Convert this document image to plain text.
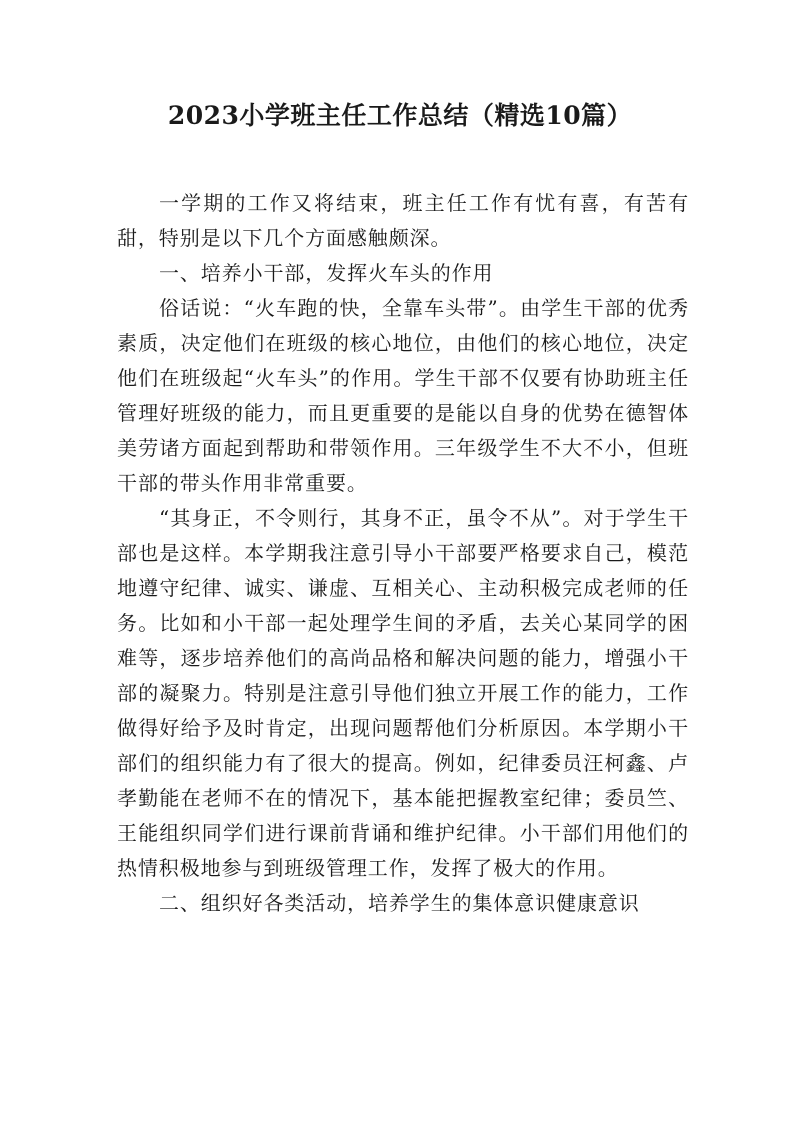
2023小学班主任工作总结（精选10篇）

一学期的工作又将结束，班主任工作有忧有喜，有苦有甜，特别是以下几个方面感触颇深。

一、培养小干部，发挥火车头的作用

俗话说：“火车跑的快，全靠车头带”。由学生干部的优秀素质，决定他们在班级的核心地位，由他们的核心地位，决定他们在班级起“火车头”的作用。学生干部不仅要有协助班主任管理好班级的能力，而且更重要的是能以自身的优势在德智体美劳诸方面起到帮助和带领作用。三年级学生不大不小，但班干部的带头作用非常重要。

“其身正，不令则行，其身不正，虽令不从”。对于学生干部也是这样。本学期我注意引导小干部要严格要求自己，模范地遵守纪律、诚实、谦虚、互相关心、主动积极完成老师的任务。比如和小干部一起处理学生间的矛盾，去关心某同学的困难等，逐步培养他们的高尚品格和解决问题的能力，增强小干部的凝聚力。特别是注意引导他们独立开展工作的能力，工作做得好给予及时肯定，出现问题帮他们分析原因。本学期小干部们的组织能力有了很大的提高。例如，纪律委员汪柯鑫、卢孝勤能在老师不在的情况下，基本能把握教室纪律；委员竺、王能组织同学们进行课前背诵和维护纪律。小干部们用他们的热情积极地参与到班级管理工作，发挥了极大的作用。

二、组织好各类活动，培养学生的集体意识健康意识
